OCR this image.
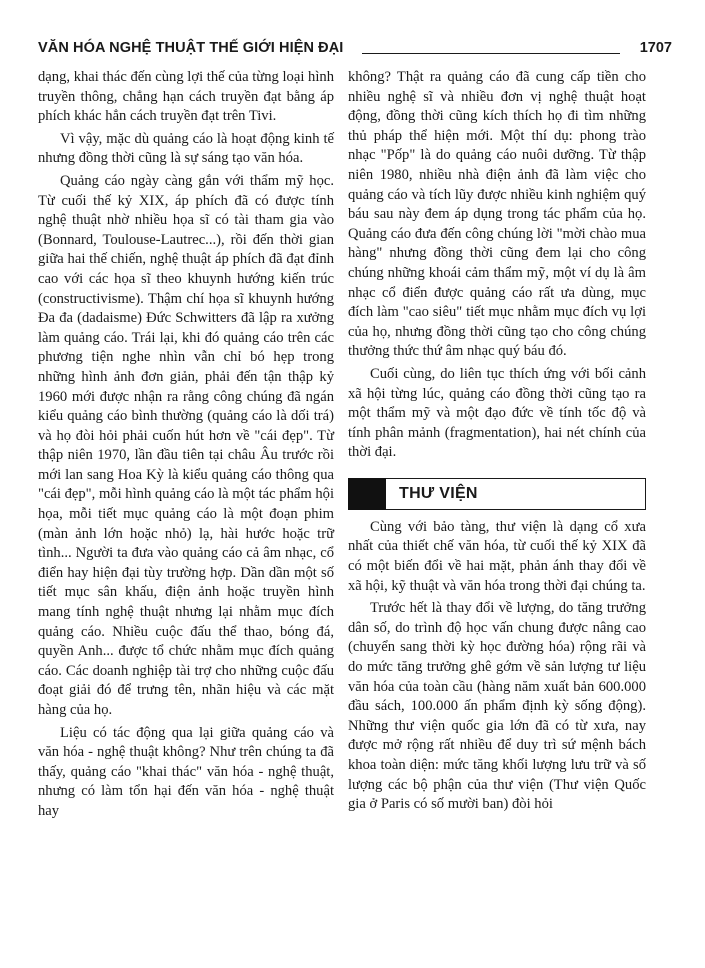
VĂN HÓA NGHỆ THUẬT THẾ GIỚI HIỆN ĐẠI	1707

dạng, khai thác đến cùng lợi thế của từng loại hình truyền thông, chẳng hạn cách truyền đạt bằng áp phích khác hẳn cách truyền đạt trên Tivi.

Vì vậy, mặc dù quảng cáo là hoạt động kinh tế nhưng đồng thời cũng là sự sáng tạo văn hóa.

Quảng cáo ngày càng gắn với thẩm mỹ học. Từ cuối thế kỷ XIX, áp phích đã có được tính nghệ thuật nhờ nhiều họa sĩ có tài tham gia vào (Bonnard, Toulouse-Lautrec...), rồi đến thời gian giữa hai thế chiến, nghệ thuật áp phích đã đạt đỉnh cao với các họa sĩ theo khuynh hướng kiến trúc (constructivisme). Thậm chí họa sĩ khuynh hướng Đa đa (dadaisme) Đức Schwitters đã lập ra xưởng làm quảng cáo. Trái lại, khi đó quảng cáo trên các phương tiện nghe nhìn vẫn chỉ bó hẹp trong những hình ảnh đơn giản, phải đến tận thập kỷ 1960 mới được nhận ra rằng công chúng đã ngán kiểu quảng cáo bình thường (quảng cáo là dối trá) và họ đòi hỏi phải cuốn hút hơn về "cái đẹp". Từ thập niên 1970, lần đầu tiên tại châu Âu trước rồi mới lan sang Hoa Kỳ là kiểu quảng cáo thông qua "cái đẹp", mỗi hình quảng cáo là một tác phẩm hội họa, mỗi tiết mục quảng cáo là một đoạn phim (màn ảnh lớn hoặc nhỏ) lạ, hài hước hoặc trữ tình... Người ta đưa vào quảng cáo cả âm nhạc, cổ điển hay hiện đại tùy trường hợp. Dần dần một số tiết mục sân khấu, điện ảnh hoặc truyền hình mang tính nghệ thuật nhưng lại nhằm mục đích quảng cáo. Nhiều cuộc đấu thể thao, bóng đá, quyền Anh... được tổ chức nhằm mục đích quảng cáo. Các doanh nghiệp tài trợ cho những cuộc đấu đoạt giải đó để trưng tên, nhãn hiệu và các mặt hàng của họ.

Liệu có tác động qua lại giữa quảng cáo và văn hóa - nghệ thuật không? Như trên chúng ta đã thấy, quảng cáo "khai thác" văn hóa - nghệ thuật, nhưng có làm tổn hại đến văn hóa - nghệ thuật hay

không? Thật ra quảng cáo đã cung cấp tiền cho nhiều nghệ sĩ và nhiều đơn vị nghệ thuật hoạt động, đồng thời cũng kích thích họ đi tìm những thủ pháp thể hiện mới. Một thí dụ: phong trào nhạc "Pốp" là do quảng cáo nuôi dưỡng. Từ thập niên 1980, nhiều nhà điện ảnh đã làm việc cho quảng cáo và tích lũy được nhiều kinh nghiệm quý báu sau này đem áp dụng trong tác phẩm của họ. Quảng cáo đưa đến công chúng lời "mời chào mua hàng" nhưng đồng thời cũng đem lại cho công chúng những khoái cảm thẩm mỹ, một ví dụ là âm nhạc cổ điển được quảng cáo rất ưa dùng, mục đích làm "cao siêu" tiết mục nhằm mục đích vụ lợi của họ, nhưng đồng thời cũng tạo cho công chúng thưởng thức thứ âm nhạc quý báu đó.

Cuối cùng, do liên tục thích ứng với bối cảnh xã hội từng lúc, quảng cáo đồng thời cũng tạo ra một thẩm mỹ và một đạo đức về tính tốc độ và tính phân mảnh (fragmentation), hai nét chính của thời đại.

THƯ VIỆN

Cùng với bảo tàng, thư viện là dạng cổ xưa nhất của thiết chế văn hóa, từ cuối thế kỷ XIX đã có một biến đổi về hai mặt, phản ánh thay đổi về xã hội, kỹ thuật và văn hóa trong thời đại chúng ta.

Trước hết là thay đổi về lượng, do tăng trưởng dân số, do trình độ học vấn chung được nâng cao (chuyển sang thời kỳ học đường hóa) rộng rãi và do mức tăng trưởng ghê gớm về sản lượng tư liệu văn hóa của toàn cầu (hàng năm xuất bản 600.000 đầu sách, 100.000 ấn phẩm định kỳ sống động). Những thư viện quốc gia lớn đã có từ xưa, nay được mở rộng rất nhiều để duy trì sứ mệnh bách khoa toàn diện: mức tăng khối lượng lưu trữ và số lượng các bộ phận của thư viện (Thư viện Quốc gia ở Paris có số mười ban) đòi hỏi
